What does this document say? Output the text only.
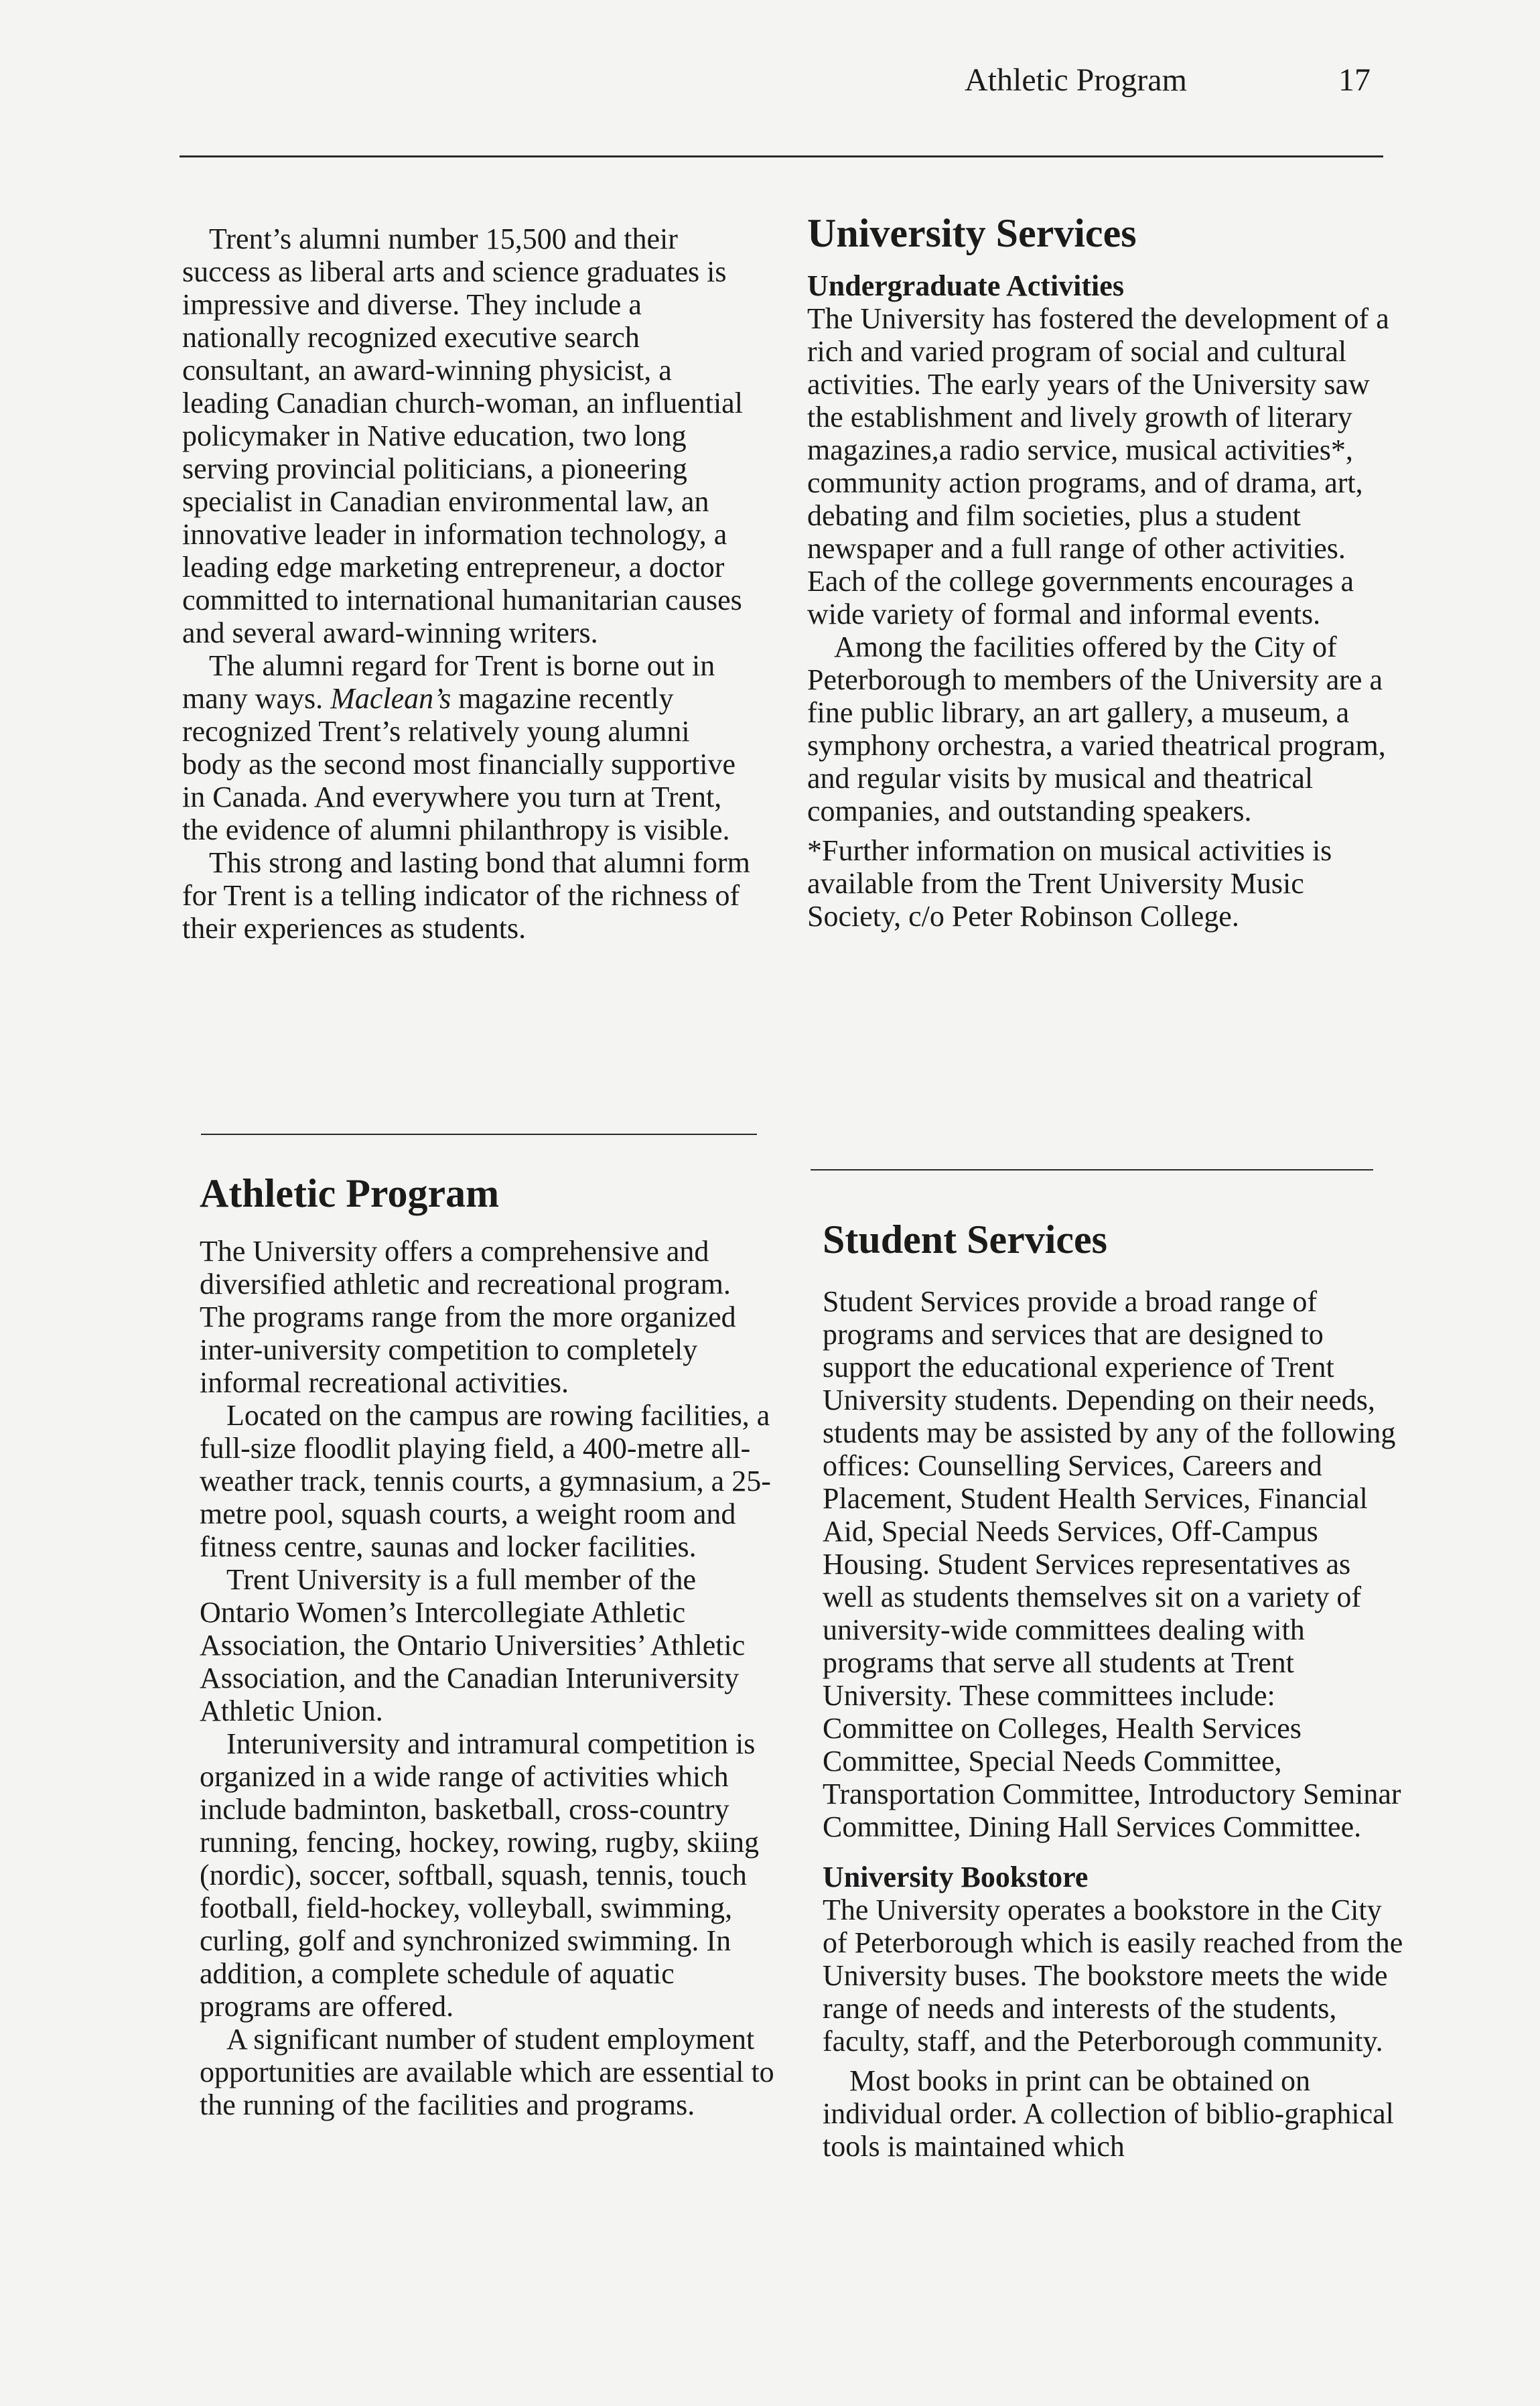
Athletic Program	17

Trent’s alumni number 15,500 and their success as liberal arts and science graduates is impressive and diverse. They include a nationally recognized executive search consultant, an award-winning physicist, a leading Canadian church-woman, an influential policymaker in Native education, two long serving provincial politicians, a pioneering specialist in Canadian environmental law, an innovative leader in information technology, a leading edge marketing entrepreneur, a doctor committed to international humanitarian causes and several award-winning writers.

The alumni regard for Trent is borne out in many ways. Maclean’s magazine recently recognized Trent’s relatively young alumni body as the second most financially supportive in Canada. And everywhere you turn at Trent, the evidence of alumni philanthropy is visible.

This strong and lasting bond that alumni form for Trent is a telling indicator of the richness of their experiences as students.

Athletic Program

The University offers a comprehensive and diversified athletic and recreational program. The programs range from the more organized inter-university competition to completely informal recreational activities.

Located on the campus are rowing facilities, a full-size floodlit playing field, a 400-metre all-weather track, tennis courts, a gymnasium, a 25-metre pool, squash courts, a weight room and fitness centre, saunas and locker facilities.

Trent University is a full member of the Ontario Women’s Intercollegiate Athletic Association, the Ontario Universities’ Athletic Association, and the Canadian Interuniversity Athletic Union.

Interuniversity and intramural competition is organized in a wide range of activities which include badminton, basketball, cross-country running, fencing, hockey, rowing, rugby, skiing (nordic), soccer, softball, squash, tennis, touch football, field-hockey, volleyball, swimming, curling, golf and synchronized swimming. In addition, a complete schedule of aquatic programs are offered.

A significant number of student employment opportunities are available which are essential to the running of the facilities and programs.

University Services
Undergraduate Activities

The University has fostered the development of a rich and varied program of social and cultural activities. The early years of the University saw the establishment and lively growth of literary magazines,a radio service, musical activities*, community action programs, and of drama, art, debating and film societies, plus a student newspaper and a full range of other activities. Each of the college governments encourages a wide variety of formal and informal events.

Among the facilities offered by the City of Peterborough to members of the University are a fine public library, an art gallery, a museum, a symphony orchestra, a varied theatrical program, and regular visits by musical and theatrical companies, and outstanding speakers.

*Further information on musical activities is available from the Trent University Music Society, c/o Peter Robinson College.

Student Services

Student Services provide a broad range of programs and services that are designed to support the educational experience of Trent University students. Depending on their needs, students may be assisted by any of the following offices: Counselling Services, Careers and Placement, Student Health Services, Financial Aid, Special Needs Services, Off-Campus Housing. Student Services representatives as well as students themselves sit on a variety of university-wide committees dealing with programs that serve all students at Trent University. These committees include: Committee on Colleges, Health Services Committee, Special Needs Committee, Transportation Committee, Introductory Seminar Committee, Dining Hall Services Committee.

University Bookstore

The University operates a bookstore in the City of Peterborough which is easily reached from the University buses. The bookstore meets the wide range of needs and interests of the students, faculty, staff, and the Peterborough community.

Most books in print can be obtained on individual order. A collection of biblio-graphical tools is maintained which
